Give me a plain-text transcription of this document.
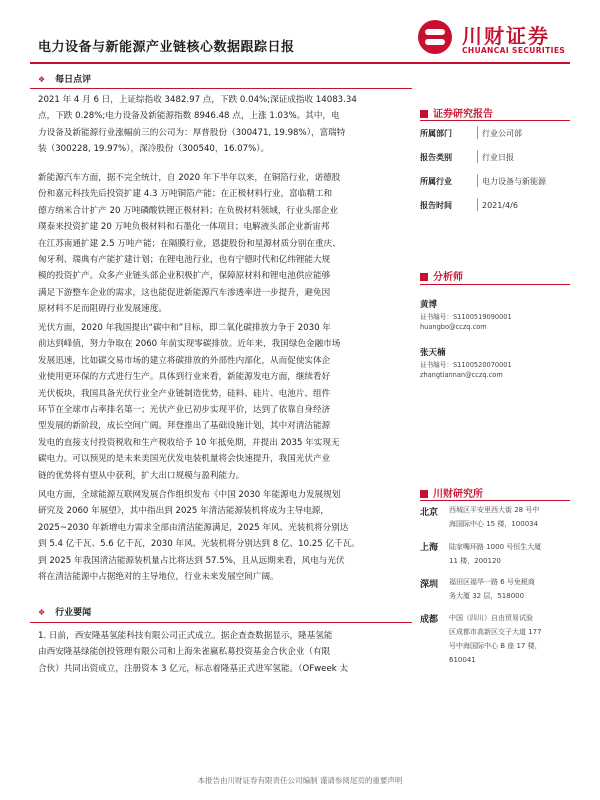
电力设备与新能源产业链核心数据跟踪日报	川财证券
CHUANCAI SECURITIES
❖ 每日点评
2021 年 4 月 6 日，上证综指收 3482.97 点，下跌 0.04%;深证成指收 14083.34
点，下跌 0.28%;电力设备及新能源指数 8946.48 点，上涨 1.03%。其中，电
力设备及新能源行业涨幅前三的公司为：厚普股份（300471, 19.98%），富瑞特
装（300228, 19.97%），深冷股份（300540，16.07%）。
新能源汽车方面，据不完全统计，自 2020 年下半年以来，在铜箔行业，诺德股
份和嘉元科技先后投资扩建 4.3 万吨铜箔产能；在正极材料行业，富临精工和
德方纳米合计扩产 20 万吨磷酸铁锂正极材料；在负极材料领域，行业头部企业
璞泰来投资扩建 20 万吨负极材料和石墨化一体项目；电解液头部企业新宙邦
在江苏南通扩建 2.5 万吨产能；在隔膜行业，恩捷股份和星源材质分别在重庆、
匈牙利、瑞典有产能扩建计划；在锂电池行业，也有宁德时代和亿纬锂能大规
模的投资扩产。众多产业链头部企业积极扩产，保障原材料和锂电池供应能够
满足下游整车企业的需求，这也能促进新能源汽车渗透率进一步提升，避免因
原材料不足而阻碍行业发展速度。
光伏方面，2020 年我国提出“碳中和”目标，即二氧化碳排放力争于 2030 年
前达到峰值，努力争取在 2060 年前实现零碳排放。近年来，我国绿色金融市场
发展迅速，比如碳交易市场的建立将碳排放的外部性内部化，从而促使实体企
业使用更环保的方式进行生产。具体到行业来看，新能源发电方面，继续看好
光伏板块，我国具备光伏行业全产业链制造优势，硅料、硅片、电池片、组件
环节在全球市占率排名第一；光伏产业已初步实现平价，达到了依靠自身经济
型发展的新阶段，成长空间广阔。拜登推出了基础设施计划，其中对清洁能源
发电的直接支付投资税收和生产税收给予 10 年抵免期，并提出 2035 年实现无
碳电力。可以预见的是未来美国光伏发电装机量将会快速提升，我国光伏产业
链的优势将有望从中获利，扩大出口规模与盈利能力。
风电方面，全球能源互联网发展合作组织发布《中国 2030 年能源电力发展规划
研究及 2060 年展望》，其中指出到 2025 年清洁能源装机将成为主导电源，
2025~2030 年新增电力需求全部由清洁能源满足，2025 年风、光装机将分别达
到 5.4 亿千瓦、5.6 亿千瓦，2030 年风、光装机将分别达到 8 亿、10.25 亿千瓦。
到 2025 年我国清洁能源装机量占比将达到 57.5%，且从远期来看，风电与光伏
将在清洁能源中占据绝对的主导地位，行业未来发展空间广阔。
❖ 行业要闻
1. 日前，西安隆基氢能科技有限公司正式成立。据企查查数据显示，隆基氢能
由西安隆基绿能创投管理有限公司和上海朱雀嬴私募投资基金合伙企业（有限
合伙）共同出资成立，注册资本 3 亿元，标志着隆基正式进军氢能。（OFweek 太
证券研究报告
所属部门	行业公司部
报告类别	行业日报
所属行业	电力设备与新能源
报告时间	2021/4/6
分析师
黄博
证书编号：S1100519090001
huangbo@cczq.com
张天楠
证书编号：S1100520070001
zhangtiannan@cczq.com
川财研究所
北京 西城区平安里西大街 28 号中
海国际中心 15 楼，100034
上海 陆家嘴环路 1000 号恒生大厦
11 楼，200120
深圳 福田区福华一路 6 号免税商
务大厦 32 层，518000
成都 中国（四川）自由贸易试验
区成都市高新区交子大道 177
号中海国际中心 B 座 17 楼，
610041
本报告由川财证券有限责任公司编制 谨请参阅尾页的重要声明
